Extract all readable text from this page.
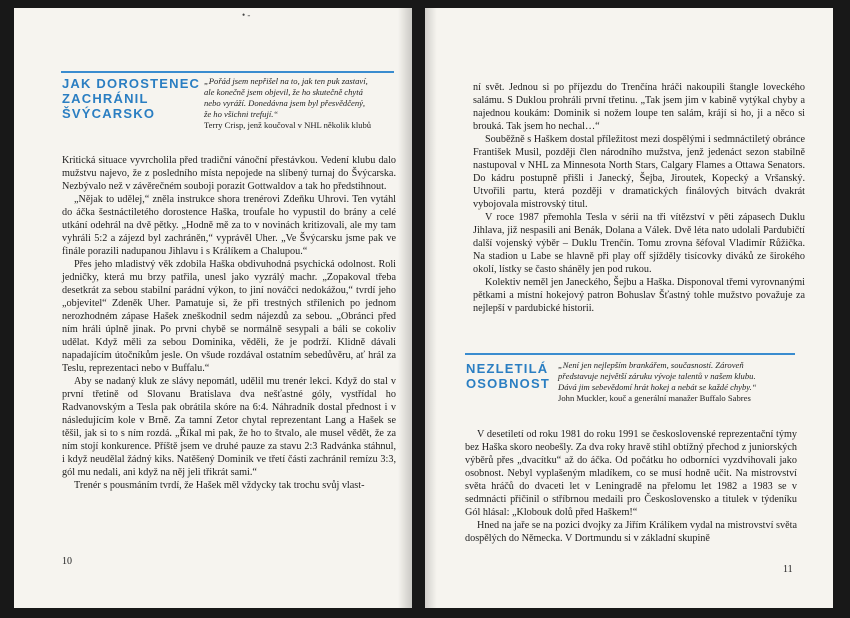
• -
JAK DOROSTENEC
ZACHRÁNIL
ŠVÝCARSKO
„Pořád jsem nepřišel na to, jak ten puk zastaví,
ale konečně jsem objevil, že ho skutečně chytá
nebo vyráží. Donedávna jsem byl přesvědčený,
že ho všichni trefují.“
Terry Crisp, jenž koučoval v NHL několik klubů

Kritická situace vyvrcholila před tradiční vánoční přestávkou. Vedení klubu dalo mužstvu najevo, že z posledního místa nepojede na slíbený turnaj do Švýcarska. Nezbývalo než v závěrečném souboji porazit Gottwaldov a tak ho předstihnout.

„Nějak to udělej,“ zněla instrukce shora trenérovi Zdeňku Uhrovi. Ten vytáhl do áčka šestnáctiletého dorostence Haška, troufale ho vypustil do brány a celé utkání odehrál na dvě pětky. „Hodně mě za to v novinách kritizovali, ale my tam vyhráli 5:2 a zájezd byl zachráněn,“ vyprávěl Uher. „Ve Švýcarsku jsme pak ve finále porazili nadupanou Jihlavu i s Králíkem a Chalupou.“

Přes jeho mladistvý věk zdobila Haška obdivuhodná psychická odolnost. Roli jedničky, která mu brzy patřila, unesl jako vyzrálý machr. „Zopakoval třeba desetkrát za sebou stabilní parádní výkon, to jiní nováčci nedokážou,“ tvrdí jeho „objevitel“ Zdeněk Uher. Pamatuje si, že při trestných střílenich po jednom nerozhodném zápase Hašek zneškodnil sedm nájezdů za sebou. „Obránci před ním hráli úplně jinak. Po prvni chybě se normálně sesypali a báli se cokoliv udělat. Když měli za sebou Dominika, věděli, že je podrží. Klidně dávali napadajícím útočníkům jesle. On všude rozdával ostatním sebedůvěru, ať hrál za Teslu, reprezentaci nebo v Buffalu.“

Aby se nadaný kluk ze slávy nepomátl, udělil mu trenér lekci. Když do stal v první třetině od Slovanu Bratislava dva nešťastné góly, vystřídal ho Radvanovským a Tesla pak obrátila skóre na 6:4. Náhradník dostal přednost i v následujícím kole v Brně. Za tamní Zetor chytal reprezentant Lang a Hašek se těšil, jak si to s ním rozdá. „Říkal mi pak, že ho to štvalo, ale musel vědět, že za ním stojí konkurence. Příště jsem ve druhé pauze za stavu 2:3 Radvánka stáhnul, i když neudělal žádný kiks. Natěšený Dominik ve třetí části zachránil remízu 3:3, gól mu nedali, ani když na něj jeli třikrát sami.“

Trenér s pousmáním tvrdí, že Hašek měl vždycky tak trochu svůj vlast-

10

ní svět. Jednou si po příjezdu do Trenčína hráči nakoupili štangle loveckého salámu. S Duklou prohráli první třetinu. „Tak jsem jim v kabině vytýkal chyby a najednou koukám: Dominik si nožem loupe ten salám, krájí si ho, ji a něco si brouká. Tak jsem ho nechal…“

Souběžně s Haškem dostal příležitost mezi dospělými i sedmnáctiletý obránce František Musil, později člen národního mužstva, jenž jedenáct sezon stabilně nastupoval v NHL za Minnesota North Stars, Calgary Flames a Ottawa Senators. Do kádru postupně přišli i Janecký, Šejba, Jiroutek, Kopecký a Vršanský. Utvořili partu, která později v dramatických finálových bitvách dvakrát vybojovala mistrovský titul.

V roce 1987 přemohla Tesla v sérii na tři vítězství v pěti zápasech Duklu Jihlava, již nespasili ani Benák, Dolana a Válek. Dvě léta nato udolali Pardubičtí další vojenský výběr – Duklu Trenčín. Tomu zrovna šéfoval Vladimír Růžička. Na stadion u Labe se hlavně při play off sjížděly tisícovky diváků ze širokého okolí, lístky se často sháněly jen pod rukou.

Kolektiv neměl jen Janeckého, Šejbu a Haška. Disponoval třemi vyrovnanými pětkami a místní hokejový patron Bohuslav Šťastný tohle mužstvo považuje za nejlepší v pardubické historii.

NEZLETILÁ
OSOBNOST
„Není jen nejlepším brankářem, současností. Zároveň
představuje největší záruku vývoje talentů v našem klubu.
Dává jim sebevědomí hrát hokej a nebát se každé chyby.“
John Muckler, kouč a generální manažer Buffalo Sabres

V desetiletí od roku 1981 do roku 1991 se československé reprezentační týmy bez Haška skoro neobešly. Za dva roky hravě stihl obtížný přechod z juniorských výběrů přes „dvacítku“ až do áčka. Od počátku ho odborníci vyzdvihovali jako osobnost. Nebyl vyplašeným mladíkem, co se musí hodně učit. Na mistrovství světa hráčů do dvaceti let v Leningradě na přelomu let 1982 a 1983 se v sedmnácti přičinil o stříbrnou medaili pro Československo a titulek v týdeníku Gól hlásal: „Klobouk dolů před Haškem!“

Hned na jaře se na pozici dvojky za Jiřím Králíkem vydal na mistrovství světa dospělých do Německa. V Dortmundu si v základní skupině

11
